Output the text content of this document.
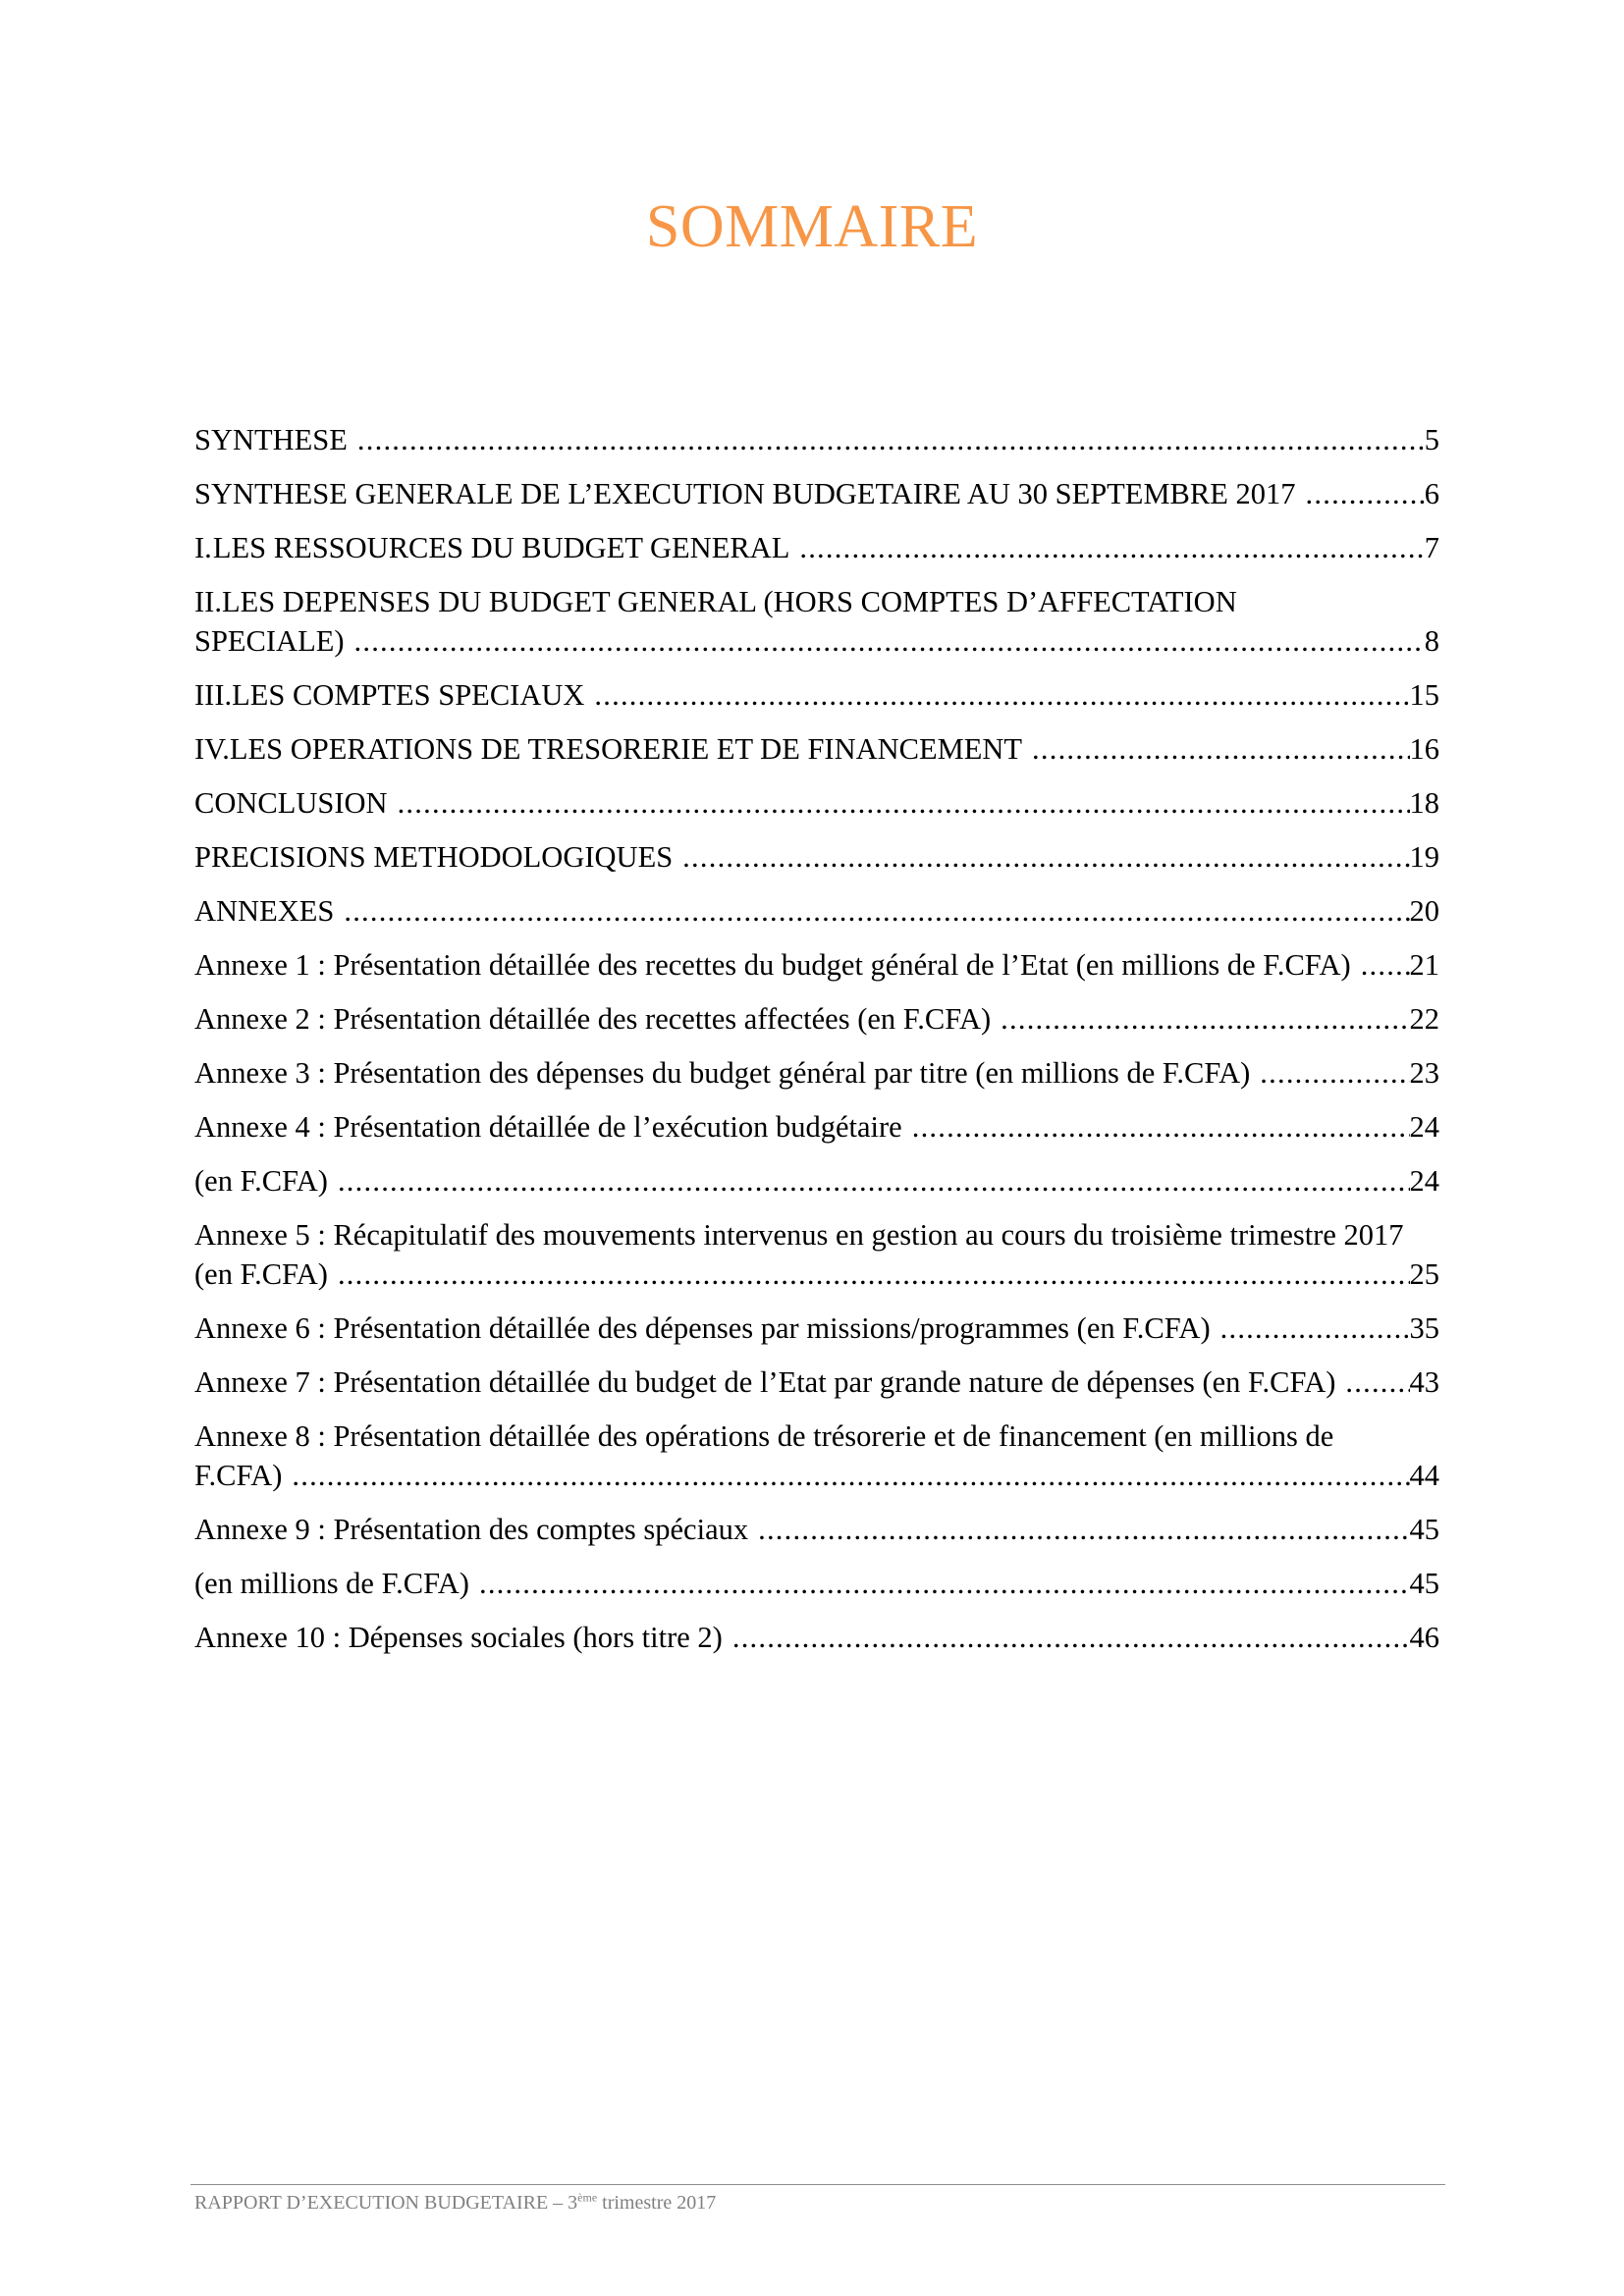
SOMMAIRE
SYNTHESE . . .	5
SYNTHESE GENERALE DE L’EXECUTION BUDGETAIRE AU 30 SEPTEMBRE 2017 . . .	6
I. LES RESSOURCES DU BUDGET GENERAL . . .	7
II.LES DEPENSES DU BUDGET GENERAL (HORS COMPTES D’AFFECTATION
SPECIALE) . . .	8
III. LES COMPTES SPECIAUX . . .	15
IV. LES OPERATIONS DE TRESORERIE ET DE FINANCEMENT . . .	16
CONCLUSION . . .	18
PRECISIONS METHODOLOGIQUES . . .	19
ANNEXES . . .	20
Annexe 1 : Présentation détaillée des recettes du budget général de l’Etat (en millions de F.CFA) . . . 21
Annexe 2 : Présentation détaillée des recettes affectées (en F.CFA) . . .	22
Annexe 3 : Présentation des dépenses du budget général par titre (en millions de F.CFA) . . .	23
Annexe 4 : Présentation détaillée de l’exécution budgétaire . . .	24
(en F.CFA) . . .	24
Annexe 5 : Récapitulatif des mouvements intervenus en gestion au cours du troisième trimestre 2017
(en F.CFA) . . .	25
Annexe 6 : Présentation détaillée des dépenses par missions/programmes (en F.CFA) . . .	35
Annexe 7 : Présentation détaillée du budget de l’Etat par grande nature de dépenses (en F.CFA) . . . 43
Annexe 8 : Présentation détaillée des opérations de trésorerie et de financement (en millions de
F.CFA) . . .	44
Annexe 9 : Présentation des comptes spéciaux . . .	45
(en millions de F.CFA) . . .	45
Annexe 10 : Dépenses sociales (hors titre 2) . . .	46
RAPPORT D’EXECUTION BUDGETAIRE – 3ème trimestre 2017
